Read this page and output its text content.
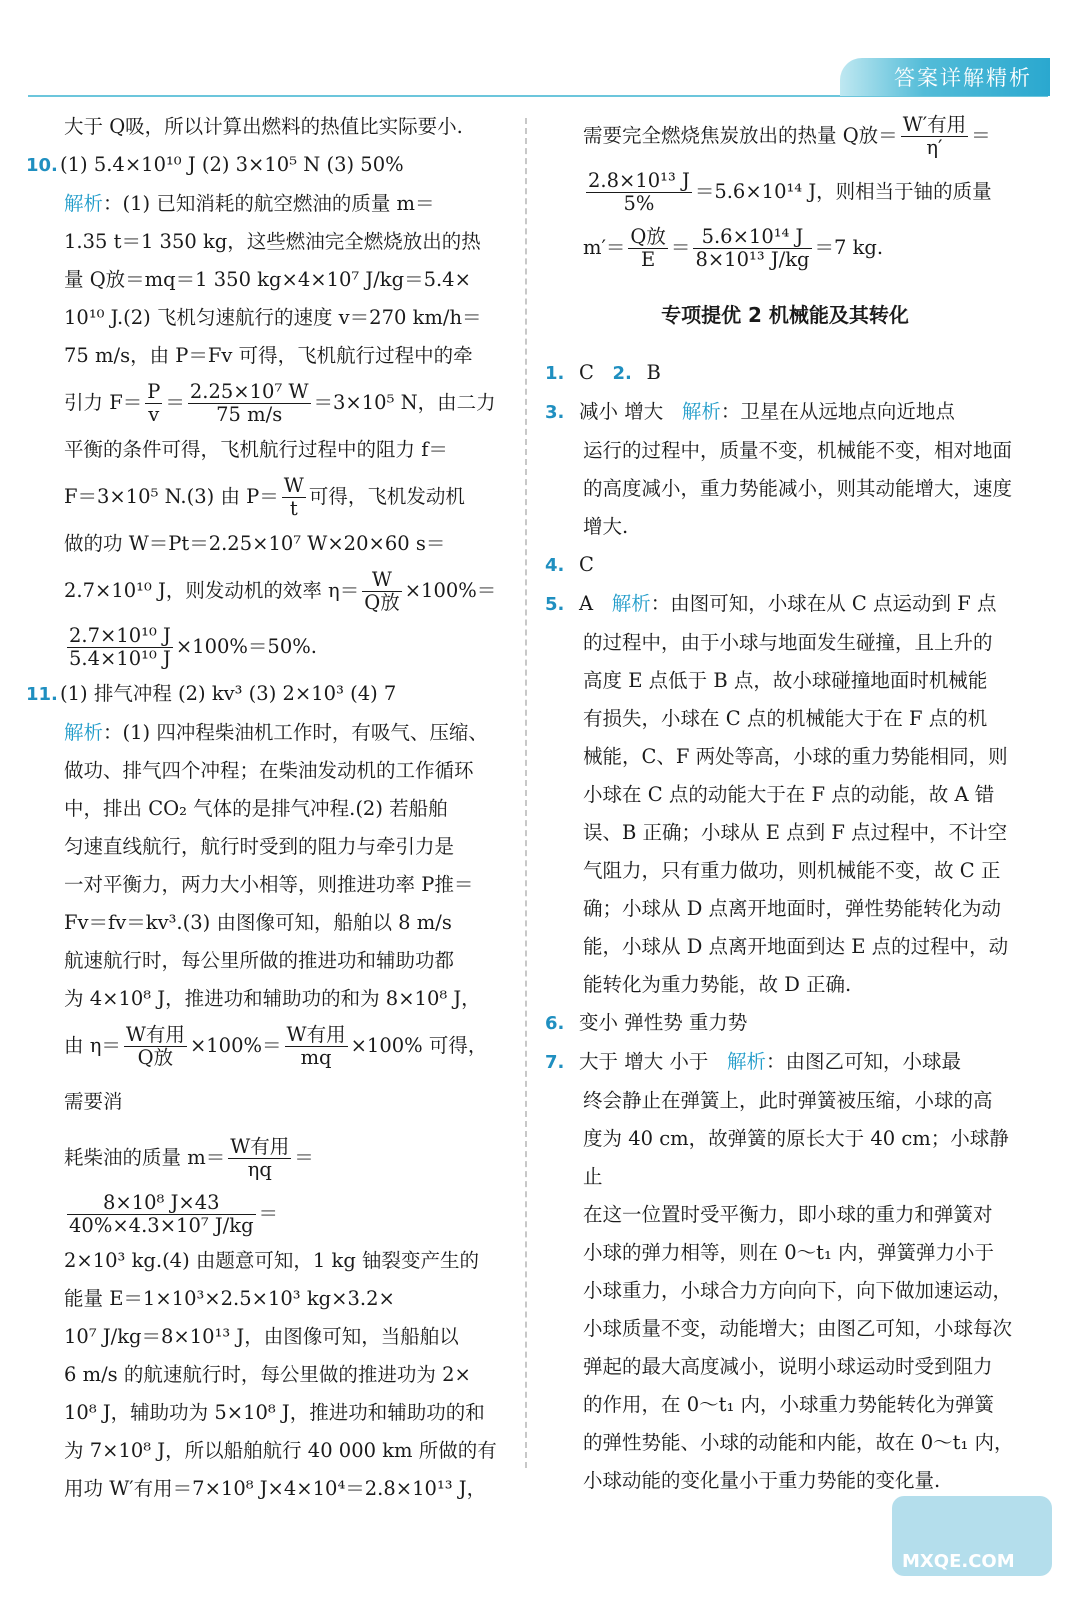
答案详解精析

大于 Q吸，所以计算出燃料的热值比实际要小.

10. (1) 5.4×10¹⁰ J (2) 3×10⁵ N (3) 50%

解析：(1) 已知消耗的航空燃油的质量 m＝

1.35 t＝1 350 kg，这些燃油完全燃烧放出的热

量 Q放＝mq＝1 350 kg×4×10⁷ J/kg＝5.4×

10¹⁰ J.(2) 飞机匀速航行的速度 v＝270 km/h＝

75 m/s，由 P＝Fv 可得，飞机航行过程中的牵

引力 $F= \frac{P}{v} = \frac{\text{2.25×10⁷ W}}{75 m/s} =3\times 10^5$ N，由二力

平衡的条件可得，飞机航行过程中的阻力 f＝

F＝3×10⁵ N.(3) 由 $P= \frac{W}{t}$ 可得，飞机发动机

做的功 W＝Pt＝2.25×10⁷ W×20×60 s＝

2.7×10¹⁰ J，则发动机的效率 $\eta= \frac{W}{\text{Q放}} \times 100\%=$

$\frac{\text{2.7×10¹⁰ J}}{\text{5.4×10¹⁰ J}} \times 100\%=50\%$.

11. (1) 排气冲程 (2) kv³ (3) 2×10³ (4) 7

解析：(1) 四冲程柴油机工作时，有吸气、压缩、

做功、排气四个冲程；在柴油发动机的工作循环

中，排出 CO₂ 气体的是排气冲程.(2) 若船舶

匀速直线航行，航行时受到的阻力与牵引力是

一对平衡力，两力大小相等，则推进功率 P推＝

Fv＝fv＝kv³.(3) 由图像可知，船舶以 8 m/s

航速航行时，每公里所做的推进功和辅助功都

为 4×10⁸ J，推进功和辅助功的和为 8×10⁸ J，

由 $\eta= \frac{\text{W有用}}{\text{Q放}} \times 100\%= \frac{\text{W有用}}{mq} \times 100\%$ 可得，需要消

耗柴油的质量 $m= \frac{\text{W有用}}{\eta q}$ ＝
$\frac{\text{8×10⁸ J×43}}{\text{40\%×4.3×10⁷ J/kg}}$ ＝

2×10³ kg.(4) 由题意可知，1 kg 铀裂变产生的

能量 E＝1×10³×2.5×10³ kg×3.2×

10⁷ J/kg＝8×10¹³ J，由图像可知，当船舶以

6 m/s 的航速航行时，每公里做的推进功为 2×

10⁸ J，辅助功为 5×10⁸ J，推进功和辅助功的和

为 7×10⁸ J，所以船舶航行 40 000 km 所做的有

用功 W′有用＝7×10⁸ J×4×10⁴＝2.8×10¹³ J，

需要完全燃烧焦炭放出的热量 Q放＝ $\frac{\text{W′有用}}{\eta'}$ ＝

$\frac{\text{2.8×10¹³ J}}{5\%} =5.6\times 10^{14}$ J，则相当于铀的质量

$m'= \frac{\text{Q放}}{E} = \frac{\text{5.6×10¹⁴ J}}{\text{8×10¹³ J/kg}} =7$ kg.

专项提优 2 机械能及其转化

1. C 2. B

3. 减小 增大 解析：卫星在从远地点向近地点

运行的过程中，质量不变，机械能不变，相对地面

的高度减小，重力势能减小，则其动能增大，速度

增大.

4. C

5. A 解析：由图可知，小球在从 C 点运动到 F 点

的过程中，由于小球与地面发生碰撞，且上升的

高度 E 点低于 B 点，故小球碰撞地面时机械能

有损失，小球在 C 点的机械能大于在 F 点的机

械能，C、F 两处等高，小球的重力势能相同，则

小球在 C 点的动能大于在 F 点的动能，故 A 错

误、B 正确；小球从 E 点到 F 点过程中，不计空

气阻力，只有重力做功，则机械能不变，故 C 正

确；小球从 D 点离开地面时，弹性势能转化为动

能，小球从 D 点离开地面到达 E 点的过程中，动

能转化为重力势能，故 D 正确.

6. 变小 弹性势 重力势

7. 大于 增大 小于 解析：由图乙可知，小球最

终会静止在弹簧上，此时弹簧被压缩，小球的高

度为 40 cm，故弹簧的原长大于 40 cm；小球静止

在这一位置时受平衡力，即小球的重力和弹簧对

小球的弹力相等，则在 0～t₁ 内，弹簧弹力小于

小球重力，小球合力方向向下，向下做加速运动，

小球质量不变，动能增大；由图乙可知，小球每次

弹起的最大高度减小，说明小球运动时受到阻力

的作用，在 0～t₁ 内，小球重力势能转化为弹簧

的弹性势能、小球的动能和内能，故在 0～t₁ 内，

小球动能的变化量小于重力势能的变化量.

MXQE.COM
